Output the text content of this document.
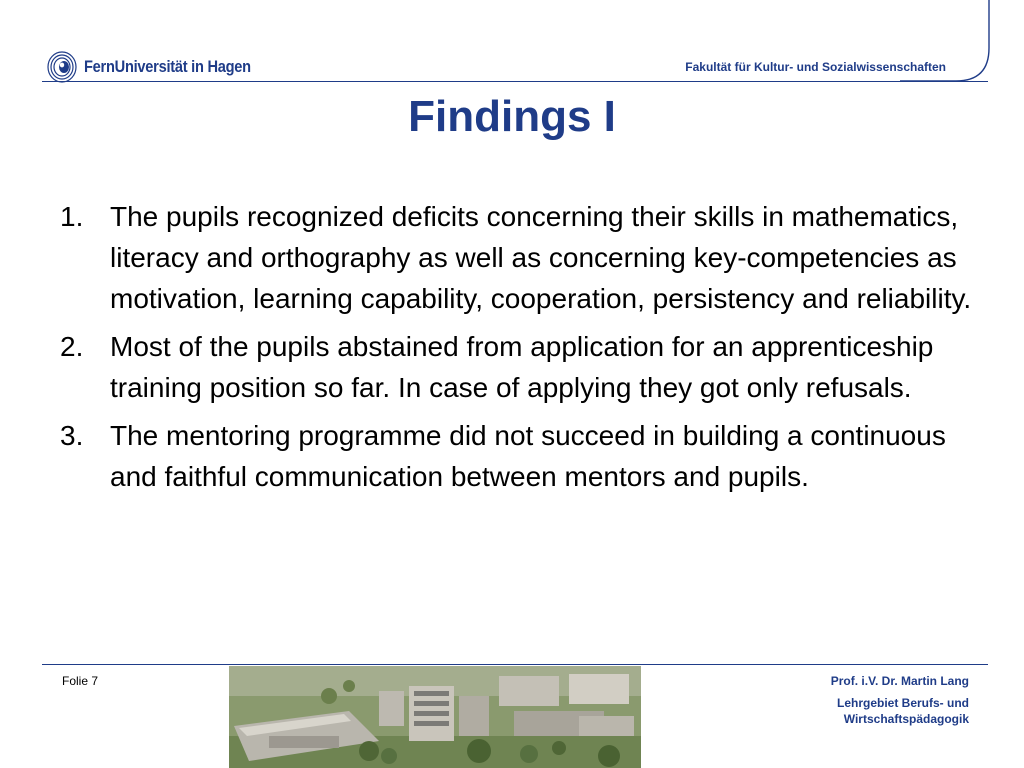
FernUniversität in Hagen	Fakultät für Kultur- und Sozialwissenschaften
Findings I
1. The pupils recognized deficits concerning their skills in mathematics, literacy and orthography as well as concerning key-competencies as motivation, learning capability, cooperation, persistency and reliability.
2. Most of the pupils abstained from application for an apprenticeship training position so far. In case of applying they got only refusals.
3. The mentoring programme did not succeed in building a continuous and faithful communication between mentors and pupils.
Folie 7	Prof. i.V. Dr. Martin Lang
Lehrgebiet Berufs- und
Wirtschaftspädagogik
